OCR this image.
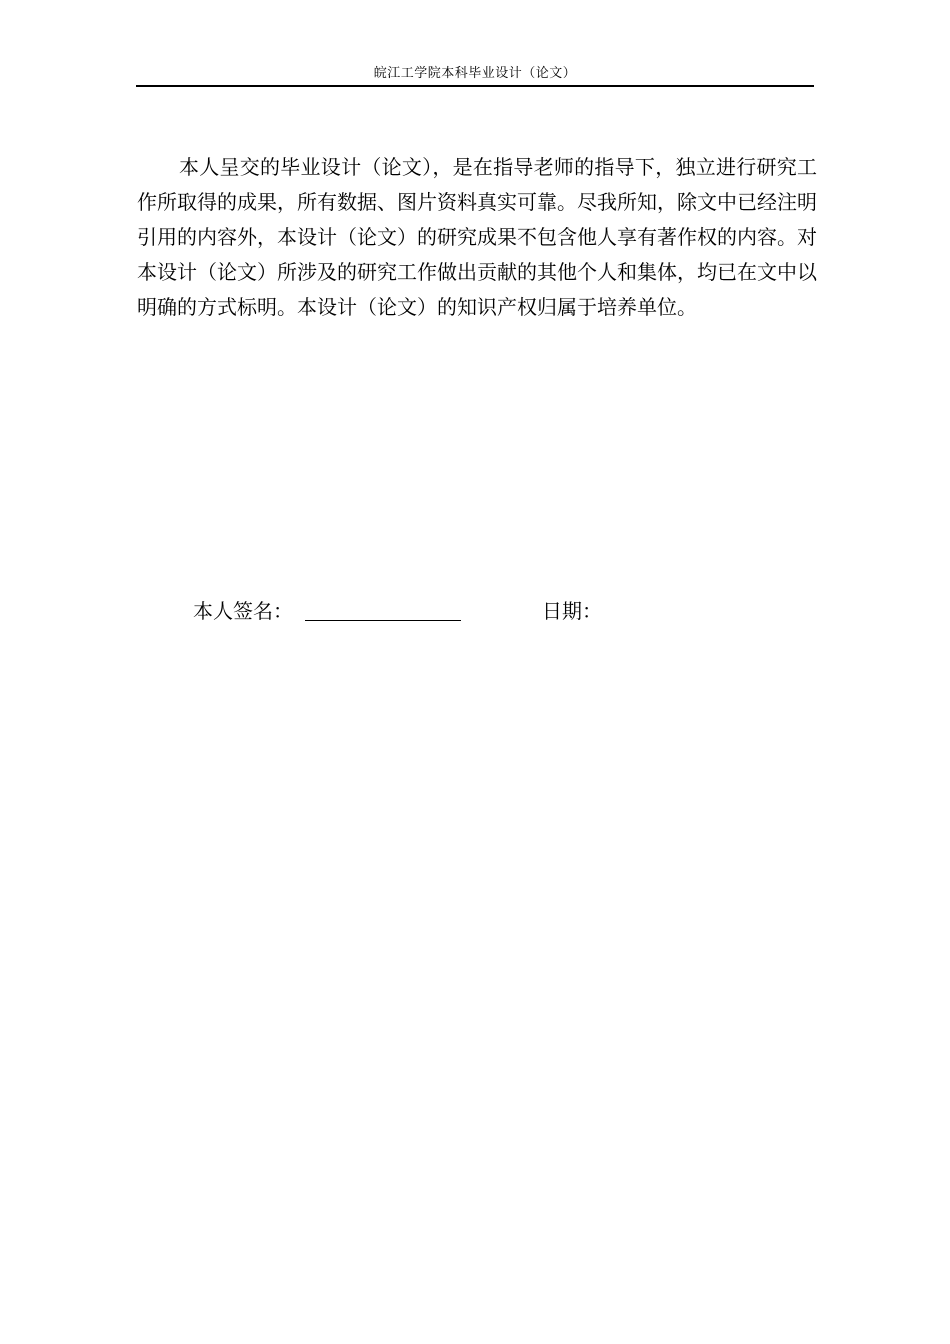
皖江工学院本科毕业设计（论文）

本人呈交的毕业设计（论文），是在指导老师的指导下，独立进行研究工作所取得的成果，所有数据、图片资料真实可靠。尽我所知，除文中已经注明引用的内容外，本设计（论文）的研究成果不包含他人享有著作权的内容。对本设计（论文）所涉及的研究工作做出贡献的其他个人和集体，均已在文中以明确的方式标明。本设计（论文）的知识产权归属于培养单位。

本人签名：	日期：
